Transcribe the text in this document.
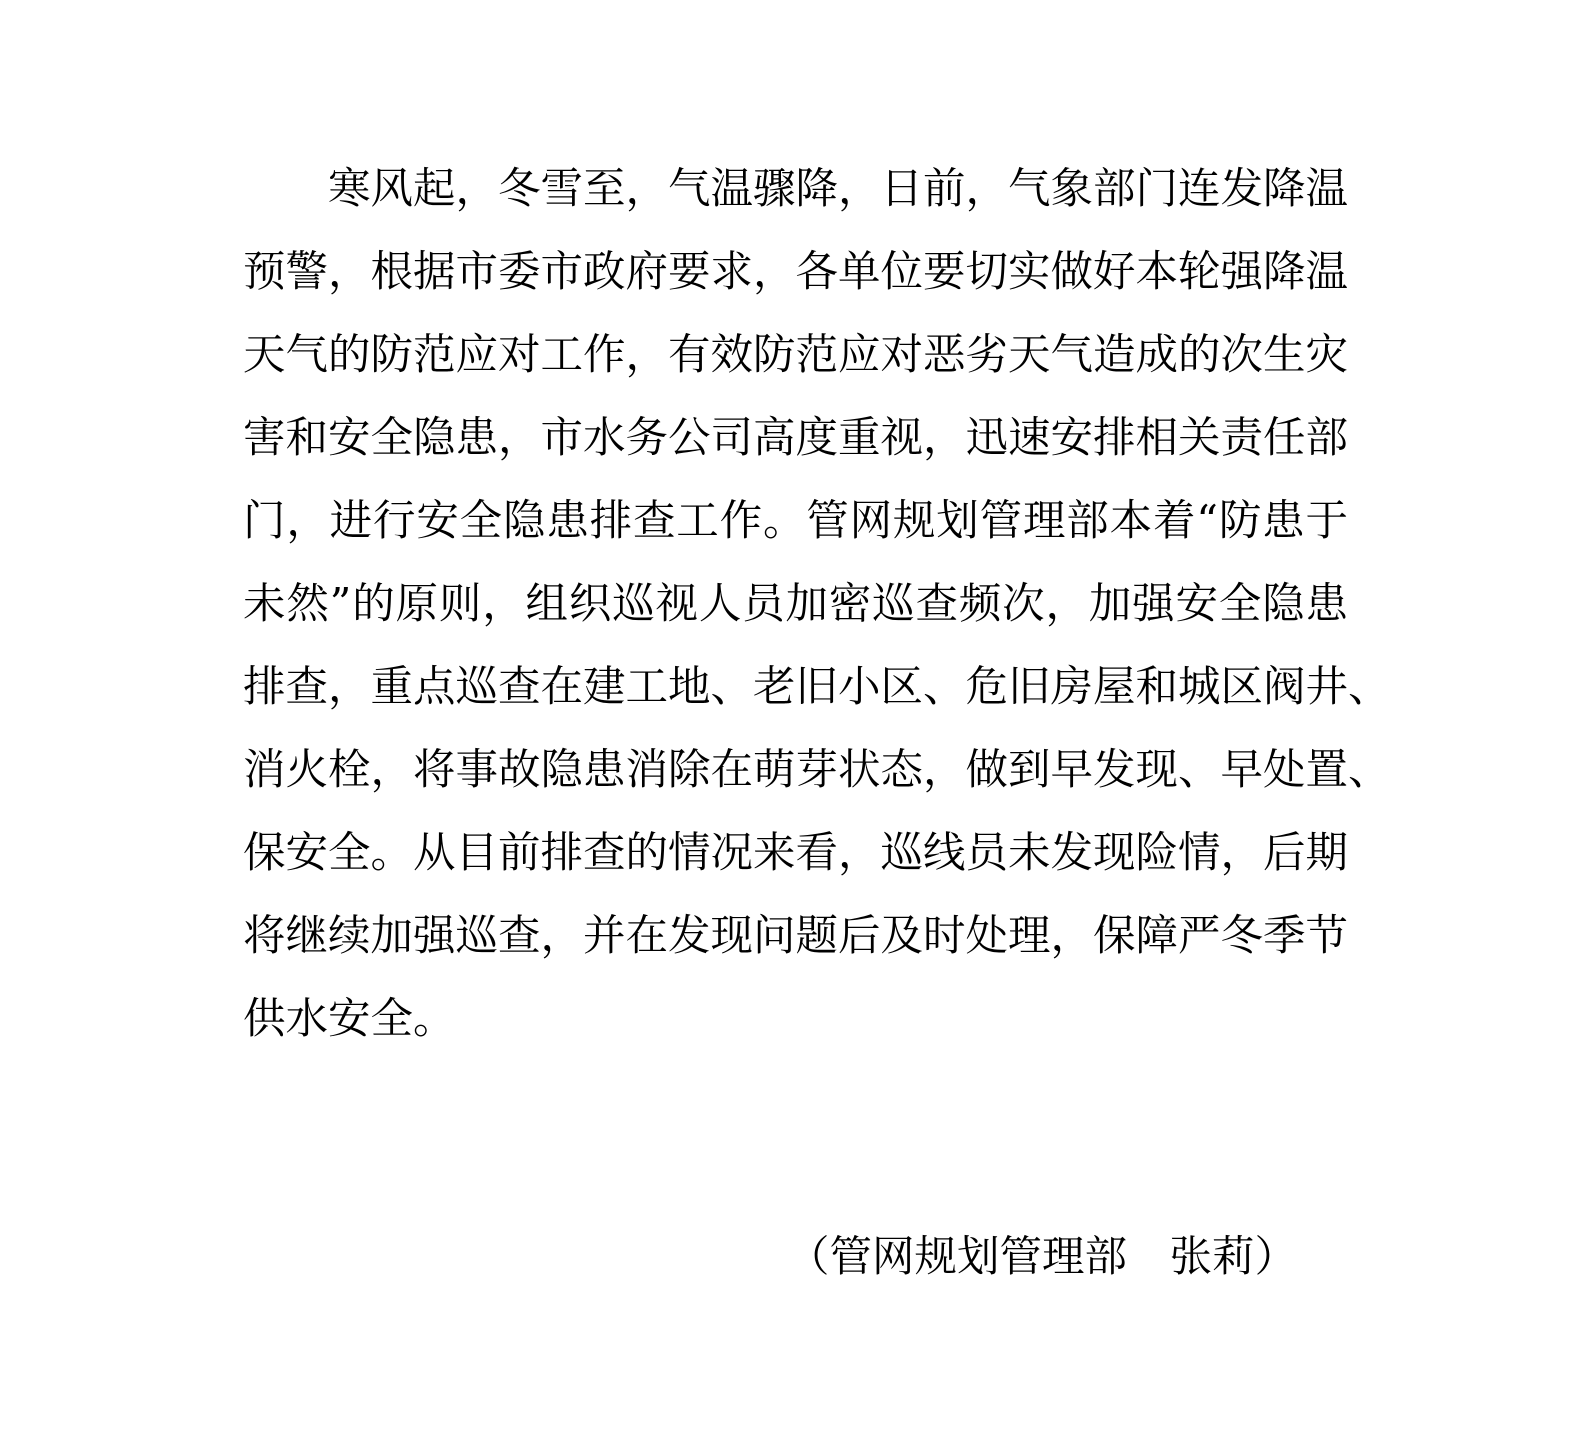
寒风起，冬雪至，气温骤降，日前，气象部门连发降温
预警，根据市委市政府要求，各单位要切实做好本轮强降温
天气的防范应对工作，有效防范应对恶劣天气造成的次生灾
害和安全隐患，市水务公司高度重视，迅速安排相关责任部
门，进行安全隐患排查工作。管网规划管理部本着“防患于
未然”的原则，组织巡视人员加密巡查频次，加强安全隐患
排查，重点巡查在建工地、老旧小区、危旧房屋和城区阀井、
消火栓，将事故隐患消除在萌芽状态，做到早发现、早处置、
保安全。从目前排查的情况来看，巡线员未发现险情，后期
将继续加强巡查，并在发现问题后及时处理，保障严冬季节
供水安全。
（管网规划管理部　张莉）
